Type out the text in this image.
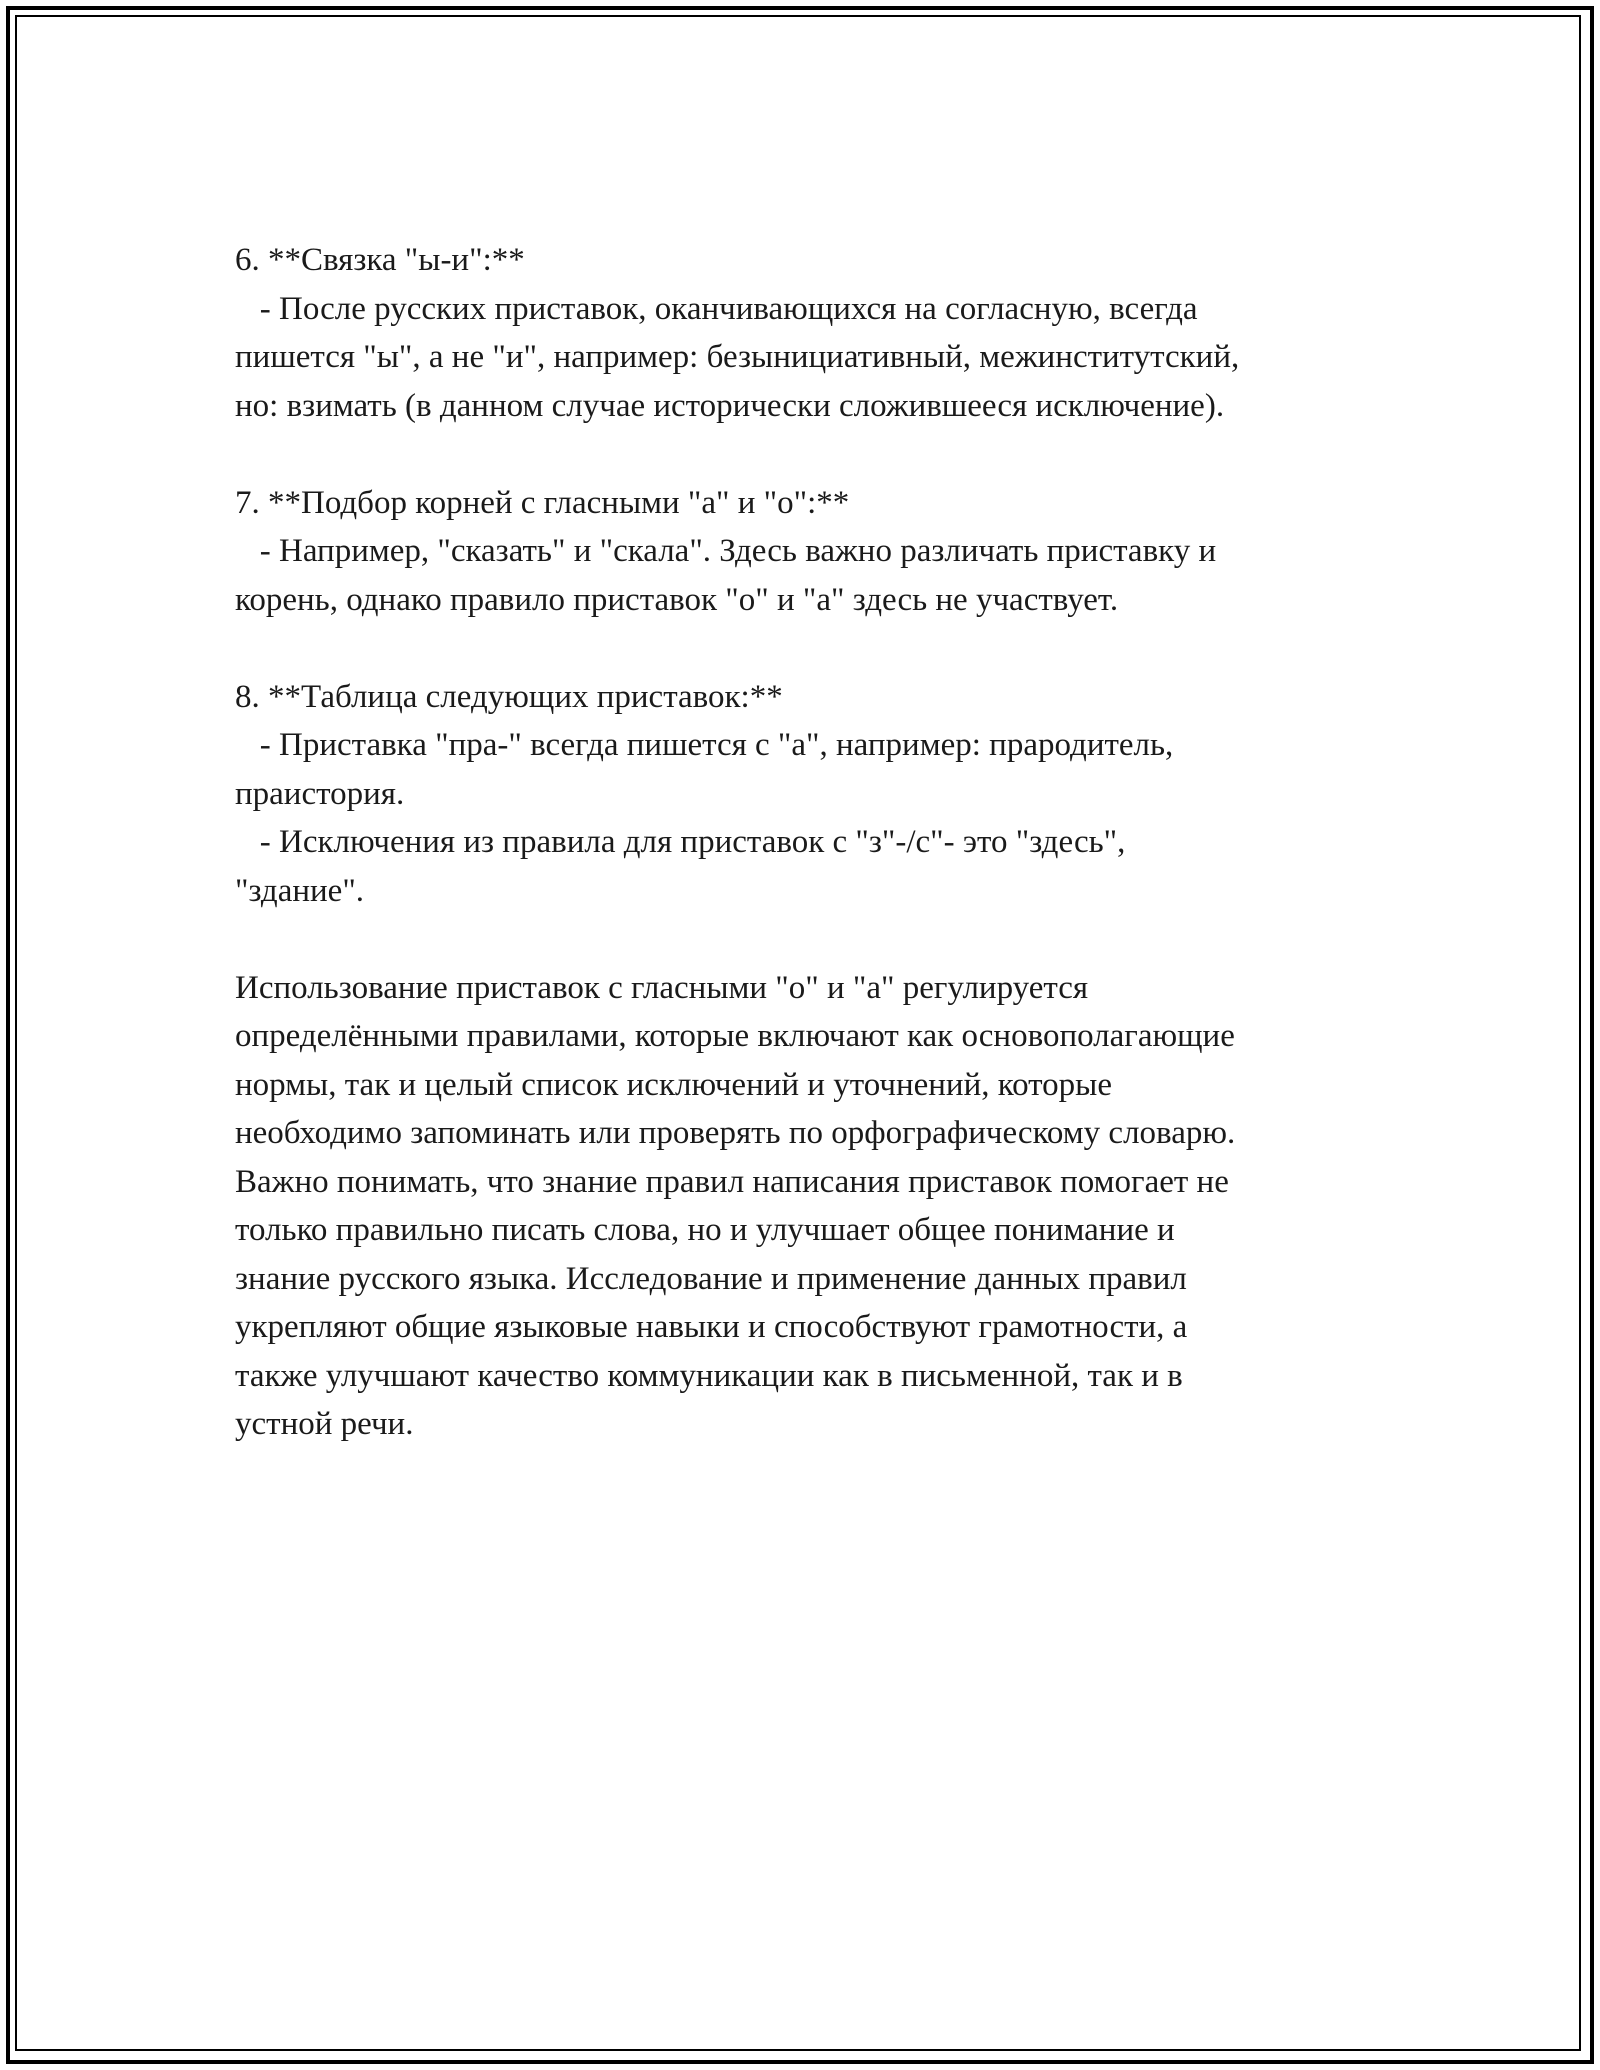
6. **Связка "ы-и":**
- После русских приставок, оканчивающихся на согласную, всегда
пишется "ы", а не "и", например: безынициативный, межинститутский,
но: взимать (в данном случае исторически сложившееся исключение).
7. **Подбор корней с гласными "а" и "о":**
- Например, "сказать" и "скала". Здесь важно различать приставку и
корень, однако правило приставок "о" и "а" здесь не участвует.
8. **Таблица следующих приставок:**
- Приставка "пра-" всегда пишется с "а", например: прародитель,
праистория.
- Исключения из правила для приставок с "з"-/с"- это "здесь",
"здание".
Использование приставок с гласными "о" и "а" регулируется
определёнными правилами, которые включают как основополагающие
нормы, так и целый список исключений и уточнений, которые
необходимо запоминать или проверять по орфографическому словарю.
Важно понимать, что знание правил написания приставок помогает не
только правильно писать слова, но и улучшает общее понимание и
знание русского языка. Исследование и применение данных правил
укрепляют общие языковые навыки и способствуют грамотности, а
также улучшают качество коммуникации как в письменной, так и в
устной речи.
